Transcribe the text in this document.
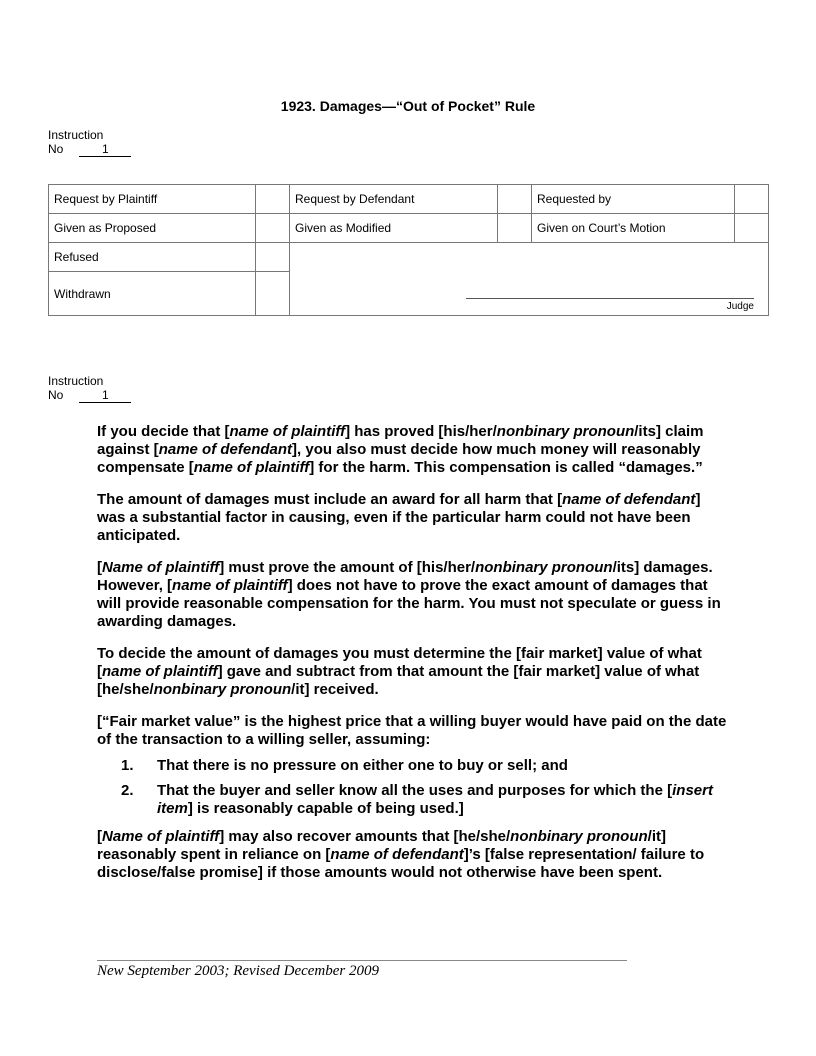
1923. Damages—“Out of Pocket” Rule
Instruction
No	1
Request by Plaintiff		Request by Defendant		Requested by	
Given as Proposed		Given as Modified		Given on Court’s Motion	
Refused		Judge			

Withdrawn					
Instruction
No	1

If you decide that [name of plaintiff] has proved [his/her/nonbinary pronoun/its] claim against [name of defendant], you also must decide how much money will reasonably compensate [name of plaintiff] for the harm. This compensation is called “damages.”

The amount of damages must include an award for all harm that [name of defendant] was a substantial factor in causing, even if the particular harm could not have been anticipated.

[Name of plaintiff] must prove the amount of [his/her/nonbinary pronoun/its] damages. However, [name of plaintiff] does not have to prove the exact amount of damages that will provide reasonable compensation for the harm. You must not speculate or guess in awarding damages.

To decide the amount of damages you must determine the [fair market] value of what [name of plaintiff] gave and subtract from that amount the [fair market] value of what [he/she/nonbinary pronoun/it] received.

[“Fair market value” is the highest price that a willing buyer would have paid on the date of the transaction to a willing seller, assuming:

1.	That there is no pressure on either one to buy or sell; and

2.	That the buyer and seller know all the uses and purposes for which the [insert item] is reasonably capable of being used.]

[Name of plaintiff] may also recover amounts that [he/she/nonbinary pronoun/it] reasonably spent in reliance on [name of defendant]’s [false representation/ failure to disclose/false promise] if those amounts would not otherwise have been spent.

New September 2003; Revised December 2009
